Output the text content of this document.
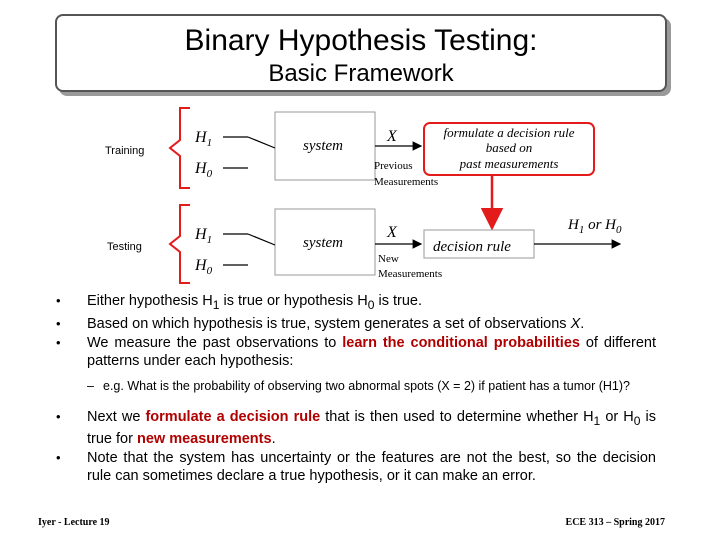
Binary Hypothesis Testing:
Basic Framework
Training
$H_1$
$H_0$
system
X
Previous
Measurements
formulate a decision rule
based on
past measurements
Testing
$H_1$
$H_0$
system
X
New
Measurements
decision rule
$H_1$ or $H_0$
• Either hypothesis $H_1$ is true or hypothesis $H_0$ is true.
• Based on which hypothesis is true, system generates a set of observations X.
• We measure the past observations to learn the conditional probabilities of different patterns under each hypothesis:
– e.g. What is the probability of observing two abnormal spots (X = 2) if patient has a tumor (H1)?
• Next we formulate a decision rule that is then used to determine whether $H_1$ or $H_0$ is true for new measurements.
• Note that the system has uncertainty or the features are not the best, so the decision rule can sometimes declare a true hypothesis, or it can make an error.
Iyer - Lecture 19	ECE 313 – Spring 2017
